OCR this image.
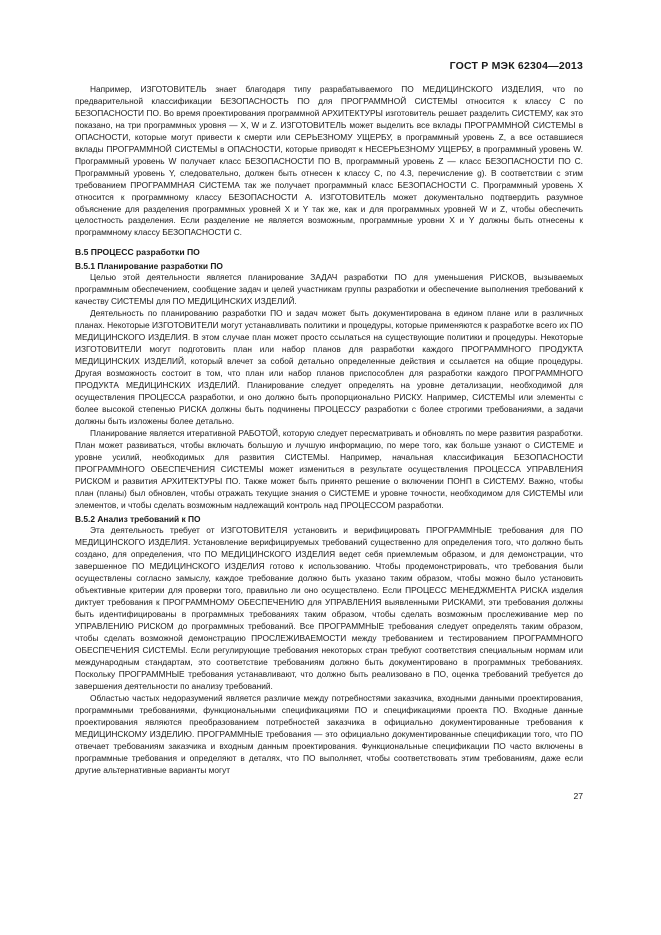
ГОСТ Р МЭК 62304—2013

Например, ИЗГОТОВИТЕЛЬ знает благодаря типу разрабатываемого ПО МЕДИЦИНСКОГО ИЗДЕЛИЯ, что по предварительной классификации БЕЗОПАСНОСТЬ ПО для ПРОГРАММНОЙ СИСТЕМЫ относится к классу C по БЕЗОПАСНОСТИ ПО. Во время проектирования программной АРХИТЕКТУРЫ изготовитель решает разделить СИСТЕМУ, как это показано, на три программных уровня — X, W и Z. ИЗГОТОВИТЕЛЬ может выделить все вклады ПРОГРАММНОЙ СИСТЕМЫ в ОПАСНОСТИ, которые могут привести к смерти или СЕРЬЕЗНОМУ УЩЕРБУ, в программный уровень Z, а все оставшиеся вклады ПРОГРАММНОЙ СИСТЕМЫ в ОПАСНОСТИ, которые приводят к НЕСЕРЬЕЗНОМУ УЩЕРБУ, в программный уровень W. Программный уровень W получает класс БЕЗОПАСНОСТИ ПО B, программный уровень Z — класс БЕЗОПАСНОСТИ ПО C. Программный уровень Y, следовательно, должен быть отнесен к классу C, по 4.3, перечисление g). В соответствии с этим требованием ПРОГРАММНАЯ СИСТЕМА так же получает программный класс БЕЗОПАСНОСТИ C. Программный уровень X относится к программному классу БЕЗОПАСНОСТИ A. ИЗГОТОВИТЕЛЬ может документально подтвердить разумное объяснение для разделения программных уровней X и Y так же, как и для программных уровней W и Z, чтобы обеспечить целостность разделения. Если разделение не является возможным, программные уровни X и Y должны быть отнесены к программному классу БЕЗОПАСНОСТИ C.

В.5 ПРОЦЕСС разработки ПО
В.5.1 Планирование разработки ПО

Целью этой деятельности является планирование ЗАДАЧ разработки ПО для уменьшения РИСКОВ, вызываемых программным обеспечением, сообщение задач и целей участникам группы разработки и обеспечение выполнения требований к качеству СИСТЕМЫ для ПО МЕДИЦИНСКИХ ИЗДЕЛИЙ.

Деятельность по планированию разработки ПО и задач может быть документирована в едином плане или в различных планах. Некоторые ИЗГОТОВИТЕЛИ могут устанавливать политики и процедуры, которые применяются к разработке всего их ПО МЕДИЦИНСКОГО ИЗДЕЛИЯ. В этом случае план может просто ссылаться на существующие политики и процедуры. Некоторые ИЗГОТОВИТЕЛИ могут подготовить план или набор планов для разработки каждого ПРОГРАММНОГО ПРОДУКТА МЕДИЦИНСКИХ ИЗДЕЛИЙ, который влечет за собой детально определенные действия и ссылается на общие процедуры. Другая возможность состоит в том, что план или набор планов приспособлен для разработки каждого ПРОГРАММНОГО ПРОДУКТА МЕДИЦИНСКИХ ИЗДЕЛИЙ. Планирование следует определять на уровне детализации, необходимой для осуществления ПРОЦЕССА разработки, и оно должно быть пропорционально РИСКУ. Например, СИСТЕМЫ или элементы с более высокой степенью РИСКА должны быть подчинены ПРОЦЕССУ разработки с более строгими требованиями, а задачи должны быть изложены более детально.

Планирование является итеративной РАБОТОЙ, которую следует пересматривать и обновлять по мере развития разработки. План может развиваться, чтобы включать большую и лучшую информацию, по мере того, как больше узнают о СИСТЕМЕ и уровне усилий, необходимых для развития СИСТЕМЫ. Например, начальная классификация БЕЗОПАСНОСТИ ПРОГРАММНОГО ОБЕСПЕЧЕНИЯ СИСТЕМЫ может измениться в результате осуществления ПРОЦЕССА УПРАВЛЕНИЯ РИСКОМ и развития АРХИТЕКТУРЫ ПО. Также может быть принято решение о включении ПОНП в СИСТЕМУ. Важно, чтобы план (планы) был обновлен, чтобы отражать текущие знания о СИСТЕМЕ и уровне точности, необходимом для СИСТЕМЫ или элементов, и чтобы сделать возможным надлежащий контроль над ПРОЦЕССОМ разработки.

В.5.2 Анализ требований к ПО

Эта деятельность требует от ИЗГОТОВИТЕЛЯ установить и верифицировать ПРОГРАММНЫЕ требования для ПО МЕДИЦИНСКОГО ИЗДЕЛИЯ. Установление верифицируемых требований существенно для определения того, что должно быть создано, для определения, что ПО МЕДИЦИНСКОГО ИЗДЕЛИЯ ведет себя приемлемым образом, и для демонстрации, что завершенное ПО МЕДИЦИНСКОГО ИЗДЕЛИЯ готово к использованию. Чтобы продемонстрировать, что требования были осуществлены согласно замыслу, каждое требование должно быть указано таким образом, чтобы можно было установить объективные критерии для проверки того, правильно ли оно осуществлено. Если ПРОЦЕСС МЕНЕДЖМЕНТА РИСКА изделия диктует требования к ПРОГРАММНОМУ ОБЕСПЕЧЕНИЮ для УПРАВЛЕНИЯ выявленными РИСКАМИ, эти требования должны быть идентифицированы в программных требованиях таким образом, чтобы сделать возможным прослеживание мер по УПРАВЛЕНИЮ РИСКОМ до программных требований. Все ПРОГРАММНЫЕ требования следует определять таким образом, чтобы сделать возможной демонстрацию ПРОСЛЕЖИВАЕМОСТИ между требованием и тестированием ПРОГРАММНОГО ОБЕСПЕЧЕНИЯ СИСТЕМЫ. Если регулирующие требования некоторых стран требуют соответствия специальным нормам или международным стандартам, это соответствие требованиям должно быть документировано в программных требованиях. Поскольку ПРОГРАММНЫЕ требования устанавливают, что должно быть реализовано в ПО, оценка требований требуется до завершения деятельности по анализу требований.

Областью частых недоразумений является различие между потребностями заказчика, входными данными проектирования, программными требованиями, функциональными спецификациями ПО и спецификациями проекта ПО. Входные данные проектирования являются преобразованием потребностей заказчика в официально документированные требования к МЕДИЦИНСКОМУ ИЗДЕЛИЮ. ПРОГРАММНЫЕ требования — это официально документированные спецификации того, что ПО отвечает требованиям заказчика и входным данным проектирования. Функциональные спецификации ПО часто включены в программные требования и определяют в деталях, что ПО выполняет, чтобы соответствовать этим требованиям, даже если другие альтернативные варианты могут

27
